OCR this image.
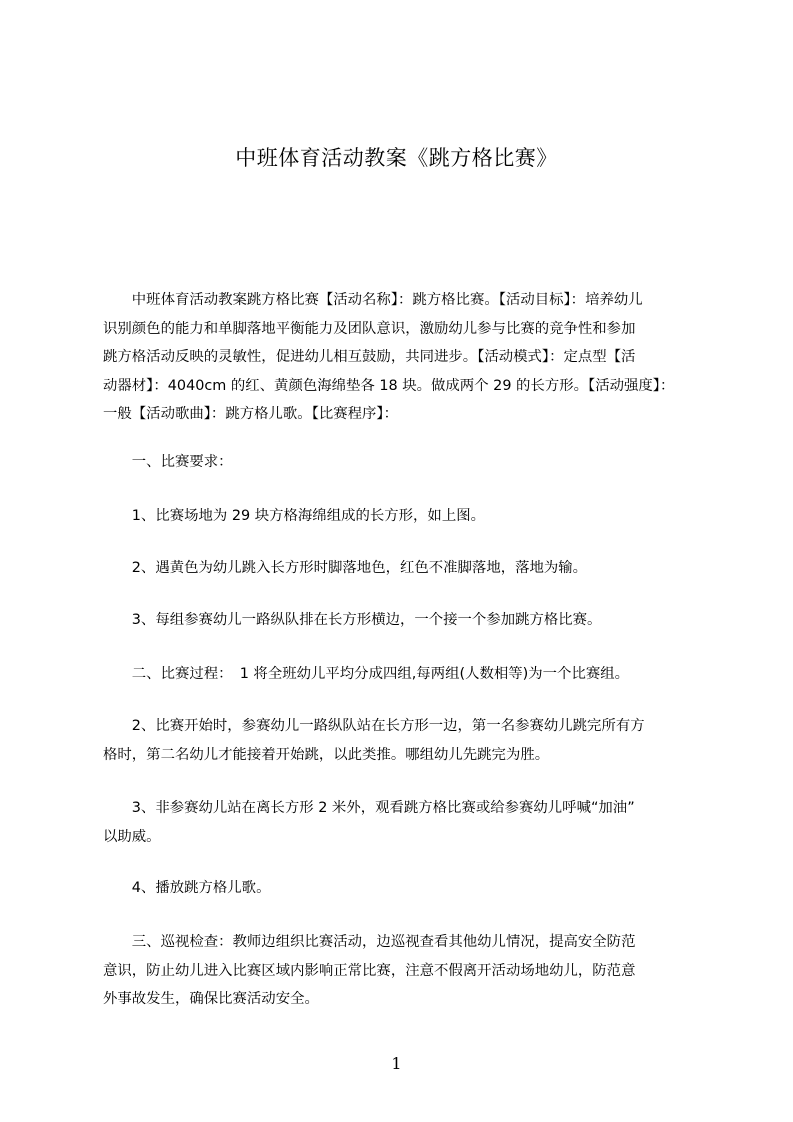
中班体育活动教案《跳方格比赛》
　　中班体育活动教案跳方格比赛【活动名称】：跳方格比赛。【活动目标】：培养幼儿
识别颜色的能力和单脚落地平衡能力及团队意识，激励幼儿参与比赛的竞争性和参加
跳方格活动反映的灵敏性，促进幼儿相互鼓励，共同进步。【活动模式】：定点型【活
动器材】：4040cm 的红、黄颜色海绵垫各 18 块。做成两个 29 的长方形。【活动强度】：
一般【活动歌曲】：跳方格儿歌。【比赛程序】：
　　一、比赛要求：
　　1、比赛场地为 29 块方格海绵组成的长方形，如上图。
　　2、遇黄色为幼儿跳入长方形时脚落地色，红色不准脚落地，落地为输。
　　3、每组参赛幼儿一路纵队排在长方形横边，一个接一个参加跳方格比赛。
　　二、比赛过程：　1 将全班幼儿平均分成四组,每两组(人数相等)为一个比赛组。
　　2、比赛开始时，参赛幼儿一路纵队站在长方形一边，第一名参赛幼儿跳完所有方
格时，第二名幼儿才能接着开始跳，以此类推。哪组幼儿先跳完为胜。
　　3、非参赛幼儿站在离长方形 2 米外，观看跳方格比赛或给参赛幼儿呼喊“加油”
以助威。
　　4、播放跳方格儿歌。
　　三、巡视检查：教师边组织比赛活动，边巡视查看其他幼儿情况，提高安全防范
意识，防止幼儿进入比赛区域内影响正常比赛，注意不假离开活动场地幼儿，防范意
外事故发生，确保比赛活动安全。
1
